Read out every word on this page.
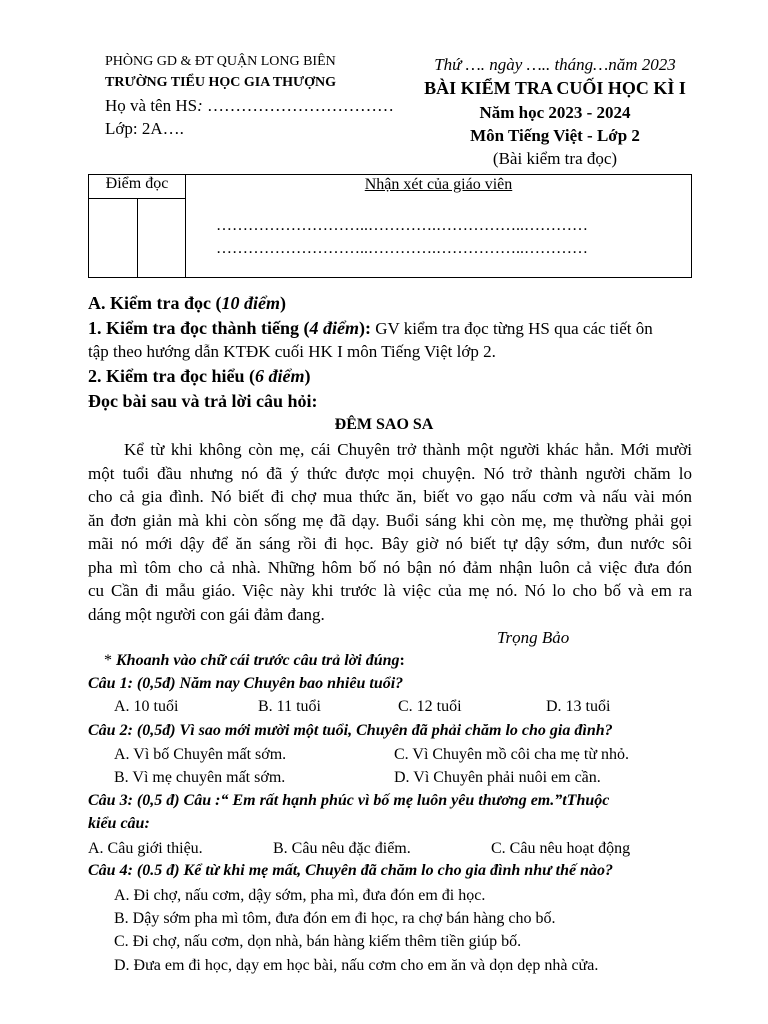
PHÒNG GD & ĐT QUẬN LONG BIÊN
TRƯỜNG TIỂU HỌC GIA THƯỢNG
Họ và tên HS: ……………………………
Lớp: 2A….
Thứ …. ngày ….. tháng…năm 2023
BÀI KIỂM TRA CUỐI HỌC KÌ I
Năm học 2023 - 2024
Môn Tiếng Việt - Lớp 2
(Bài kiểm tra đọc)
Điểm đọc		Nhận xét của giáo viên
………………………..………….……………..…………
………………………..………….……………..…………

A. Kiểm tra đọc (10 điểm)
1. Kiểm tra đọc thành tiếng (4 điểm): GV kiểm tra đọc từng HS qua các tiết ôn
tập theo hướng dẫn KTĐK cuối HK I môn Tiếng Việt lớp 2.
2. Kiểm tra đọc hiểu (6 điểm)
Đọc bài sau và trả lời câu hỏi:
ĐÊM SAO SA
Kể từ khi không còn mẹ, cái Chuyên trở thành một người khác hẳn. Mới mười
một tuổi đầu nhưng nó đã ý thức được mọi chuyện. Nó trở thành người chăm lo
cho cả gia đình. Nó biết đi chợ mua thức ăn, biết vo gạo nấu cơm và nấu vài món
ăn đơn giản mà khi còn sống mẹ đã dạy. Buổi sáng khi còn mẹ, mẹ thường phải gọi
mãi nó mới dậy để ăn sáng rồi đi học. Bây giờ nó biết tự dậy sớm, đun nước sôi
pha mì tôm cho cả nhà. Những hôm bố nó bận nó đảm nhận luôn cả việc đưa đón
cu Cần đi mẫu giáo. Việc này khi trước là việc của mẹ nó. Nó lo cho bố và em ra
dáng một người con gái đảm đang.
Trọng Bảo
* Khoanh vào chữ cái trước câu trả lời đúng:
Câu 1: (0,5đ) Năm nay Chuyên bao nhiêu tuổi?
A. 10 tuổi	B. 11 tuổi	C. 12 tuổi	D. 13 tuổi
Câu 2: (0,5đ) Vì sao mới mười một tuổi, Chuyên đã phải chăm lo cho gia đình?
A. Vì bố Chuyên mất sớm.	C. Vì Chuyên mồ côi cha mẹ từ nhỏ.
B. Vì mẹ chuyên mất sớm.	D. Vì Chuyên phải nuôi em cần.
Câu 3: (0,5 đ) Câu :“ Em rất hạnh phúc vì bố mẹ luôn yêu thương em.”tThuộc
kiểu câu:
A. Câu giới thiệu.	B. Câu nêu đặc điểm.	C. Câu nêu hoạt động
Câu 4: (0.5 đ) Kể từ khi mẹ mất, Chuyên đã chăm lo cho gia đình như thế nào?
A. Đi chợ, nấu cơm, dậy sớm, pha mì, đưa đón em đi học.
B. Dậy sớm pha mì tôm, đưa đón em đi học, ra chợ bán hàng cho bố.
C. Đi chợ, nấu cơm, dọn nhà, bán hàng kiếm thêm tiền giúp bố.
D. Đưa em đi học, dạy em học bài, nấu cơm cho em ăn và dọn dẹp nhà cửa.
